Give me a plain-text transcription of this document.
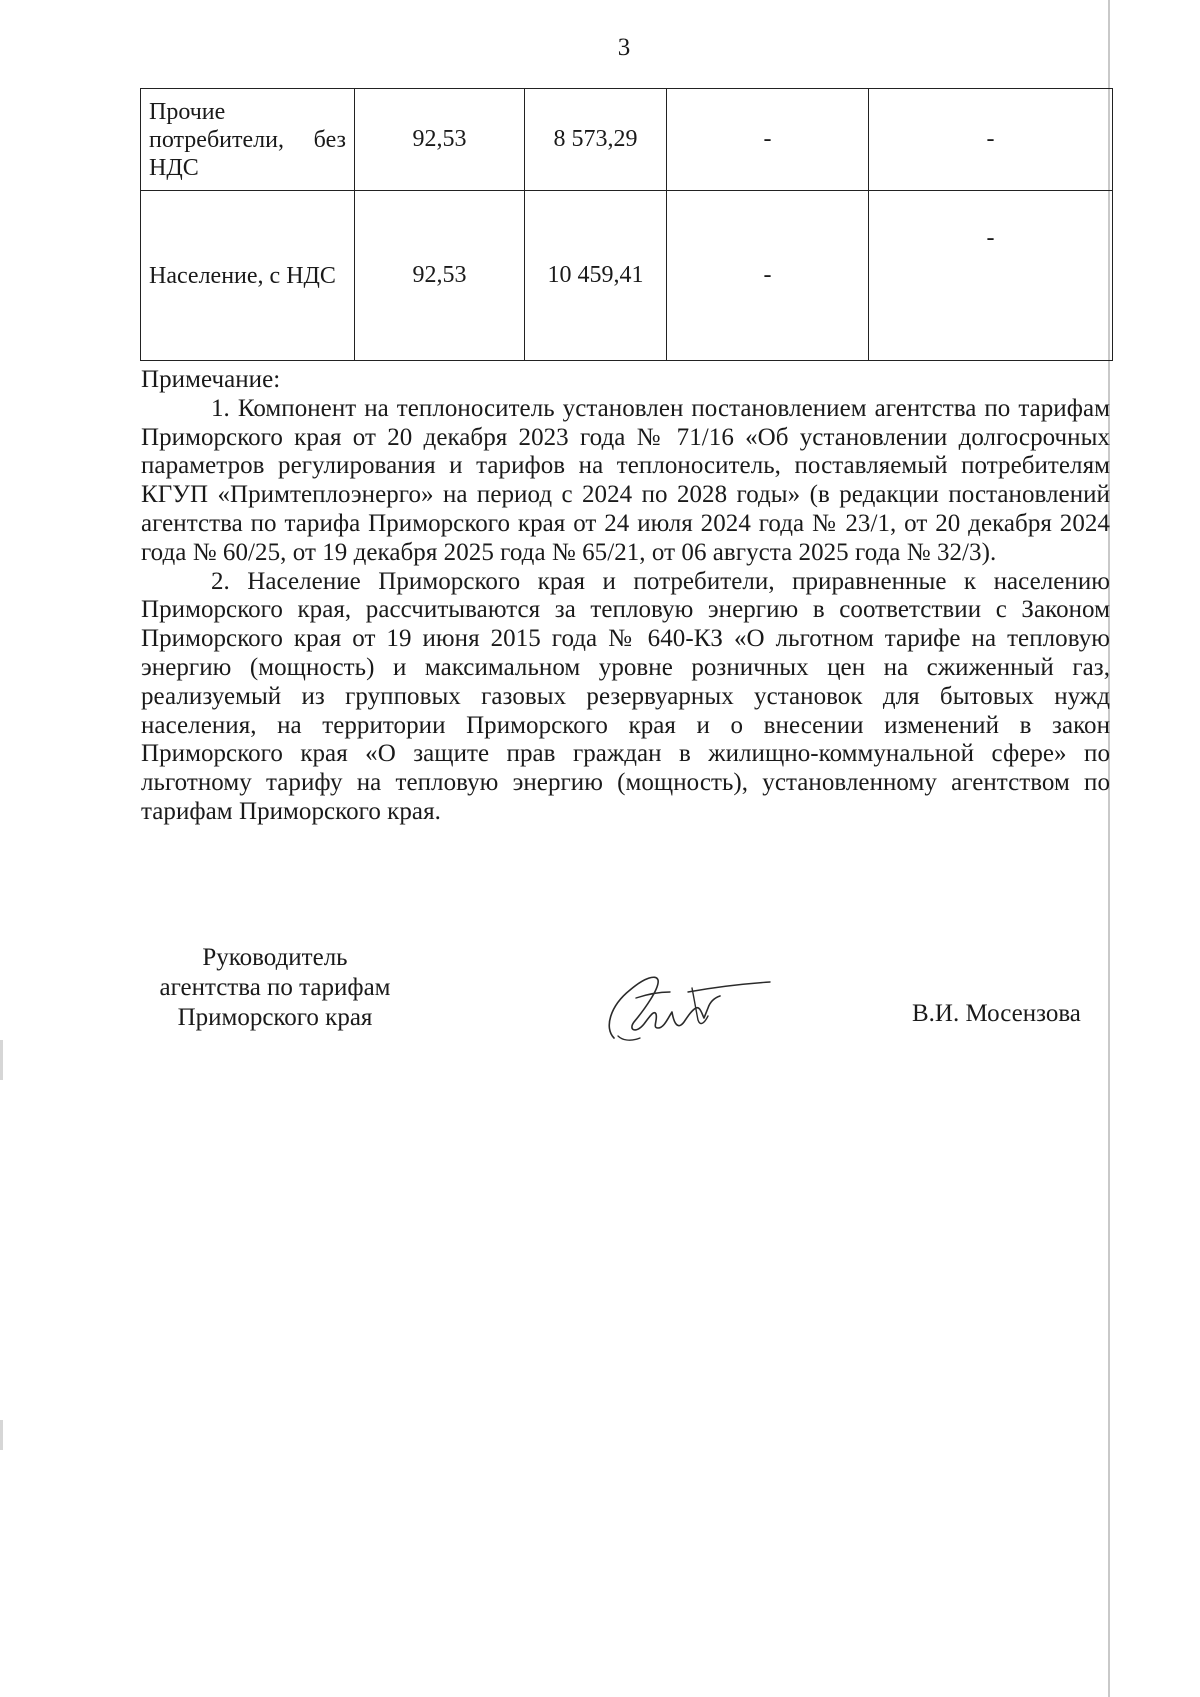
3
Прочие потребители, без НДС	92,53	8 573,29	-	-
Население, с НДС	92,53	10 459,41	-	-

Примечание:

1. Компонент на теплоноситель установлен постановлением агентства по тарифам Приморского края от 20 декабря 2023 года № 71/16 «Об установлении долгосрочных параметров регулирования и тарифов на теплоноситель, поставляемый потребителям КГУП «Примтеплоэнерго» на период с 2024 по 2028 годы» (в редакции постановлений агентства по тарифа Приморского края от 24 июля 2024 года № 23/1, от 20 декабря 2024 года № 60/25, от 19 декабря 2025 года № 65/21, от 06 августа 2025 года № 32/3).

2. Население Приморского края и потребители, приравненные к населению Приморского края, рассчитываются за тепловую энергию в соответствии с Законом Приморского края от 19 июня 2015 года № 640-КЗ «О льготном тарифе на тепловую энергию (мощность) и максимальном уровне розничных цен на сжиженный газ, реализуемый из групповых газовых резервуарных установок для бытовых нужд населения, на территории Приморского края и о внесении изменений в закон Приморского края «О защите прав граждан в жилищно-коммунальной сфере» по льготному тарифу на тепловую энергию (мощность), установленному агентством по тарифам Приморского края.

Руководитель
агентства по тарифам
Приморского края	В.И. Мосензова
